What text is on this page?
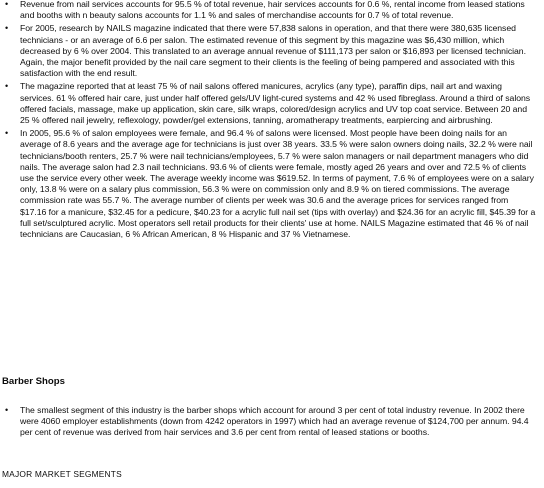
• Revenue from nail services accounts for 95.5 % of total revenue, hair services accounts for 0.6 %, rental income from leased stations and booths with n beauty salons accounts for 1.1 % and sales of merchandise accounts for 0.7 % of total revenue.
• For 2005, research by NAILS magazine indicated that there were 57,838 salons in operation, and that there were 380,635 licensed technicians - or an average of 6.6 per salon. The estimated revenue of this segment by this magazine was $6,430 million, which decreased by 6 % over 2004. This translated to an average annual revenue of $111,173 per salon or $16,893 per licensed technician. Again, the major benefit provided by the nail care segment to their clients is the feeling of being pampered and associated with this satisfaction with the end result.
• The magazine reported that at least 75 % of nail salons offered manicures, acrylics (any type), paraffin dips, nail art and waxing services. 61 % offered hair care, just under half offered gels/UV light-cured systems and 42 % used fibreglass. Around a third of salons offered facials, massage, make up application, skin care, silk wraps, colored/design acrylics and UV top coat service. Between 20 and 25 % offered nail jewelry, reflexology, powder/gel extensions, tanning, aromatherapy treatments, earpiercing and airbrushing.
• In 2005, 95.6 % of salon employees were female, and 96.4 % of salons were licensed. Most people have been doing nails for an average of 8.6 years and the average age for technicians is just over 38 years. 33.5 % were salon owners doing nails, 32.2 % were nail technicians/booth renters, 25.7 % were nail technicians/employees, 5.7 % were salon managers or nail department managers who did nails. The average salon had 2.3 nail technicians. 93.6 % of clients were female, mostly aged 26 years and over and 72.5 % of clients use the service every other week. The average weekly income was $619.52. In terms of payment, 7.6 % of employees were on a salary only, 13.8 % were on a salary plus commission, 56.3 % were on commission only and 8.9 % on tiered commissions. The average commission rate was 55.7 %. The average number of clients per week was 30.6 and the average prices for services ranged from $17.16 for a manicure, $32.45 for a pedicure, $40.23 for a acrylic full nail set (tips with overlay) and $24.36 for an acrylic fill, $45.39 for a full set/sculptured acrylic. Most operators sell retail products for their clients' use at home. NAILS Magazine estimated that 46 % of nail technicians are Caucasian, 6 % African American, 8 % Hispanic and 37 % Vietnamese.
Barber Shops
• The smallest segment of this industry is the barber shops which account for around 3 per cent of total industry revenue. In 2002 there were 4060 employer establishments (down from 4242 operators in 1997) which had an average revenue of $124,700 per annum. 94.4 per cent of revenue was derived from hair services and 3.6 per cent from rental of leased stations or booths.
MAJOR MARKET SEGMENTS
